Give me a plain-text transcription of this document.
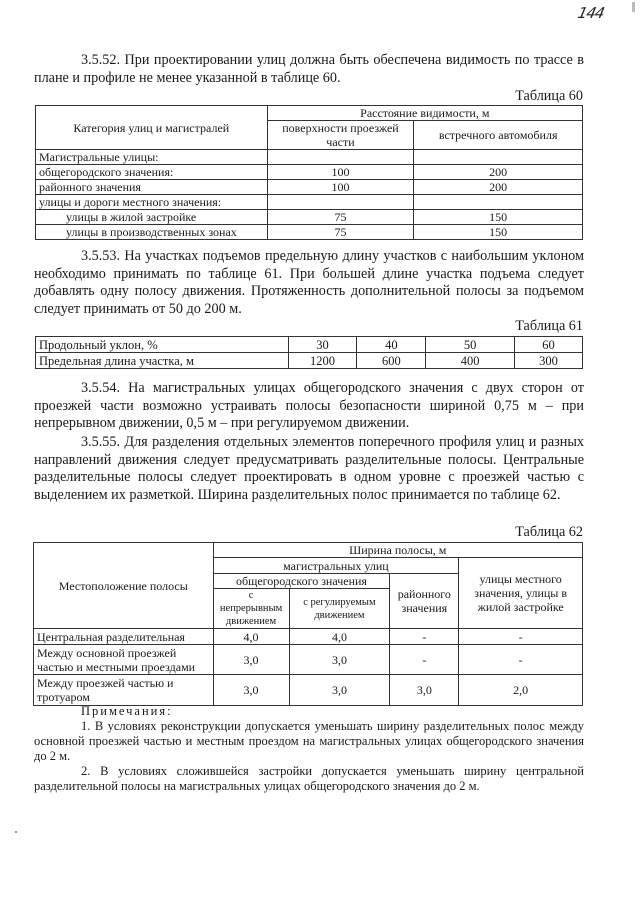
144
3.5.52. При проектировании улиц должна быть обеспечена видимость по трассе в плане и профиле не менее указанной в таблице 60.
Таблица 60
Категория улиц и магистралей	Расстояние видимости, м	
	поверхности проезжей части	встречного автомобиля
Магистральные улицы:		
общегородского значения:	100	200
районного значения	100	200
улицы и дороги местного значения:		
улицы в жилой застройке	75	150
улицы в производственных зонах	75	150
3.5.53. На участках подъемов предельную длину участков с наибольшим уклоном необходимо принимать по таблице 61. При большей длине участка подъема следует добавлять одну полосу движения. Протяженность дополнительной полосы за подъемом следует принимать от 50 до 200 м.
Таблица 61
Продольный уклон, %	30	40	50	60
Предельная длина участка, м	1200	600	400	300
3.5.54. На магистральных улицах общегородского значения с двух сторон от проезжей части возможно устраивать полосы безопасности шириной 0,75 м – при непрерывном движении, 0,5 м – при регулируемом движении.
3.5.55. Для разделения отдельных элементов поперечного профиля улиц и разных направлений движения следует предусматривать разделительные полосы. Центральные разделительные полосы следует проектировать в одном уровне с проезжей частью с выделением их разметкой. Ширина разделительных полос принимается по таблице 62.
Таблица 62
Местоположение полосы	Ширина полосы, м			
	магистральных улиц			улицы местного значения, улицы в жилой застройке
	общегородского значения		районного значения	
	с непрерывным движением	с регулируемым движением		
Центральная разделительная	4,0	4,0	-	-
Между основной проезжей частью и местными проездами	3,0	3,0	-	-
Между проезжей частью и тротуаром	3,0	3,0	3,0	2,0
Примечания:
1. В условиях реконструкции допускается уменьшать ширину разделительных полос между основной проезжей частью и местным проездом на магистральных улицах общегородского значения до 2 м.
2. В условиях сложившейся застройки допускается уменьшать ширину центральной разделительной полосы на магистральных улицах общегородского значения до 2 м.
